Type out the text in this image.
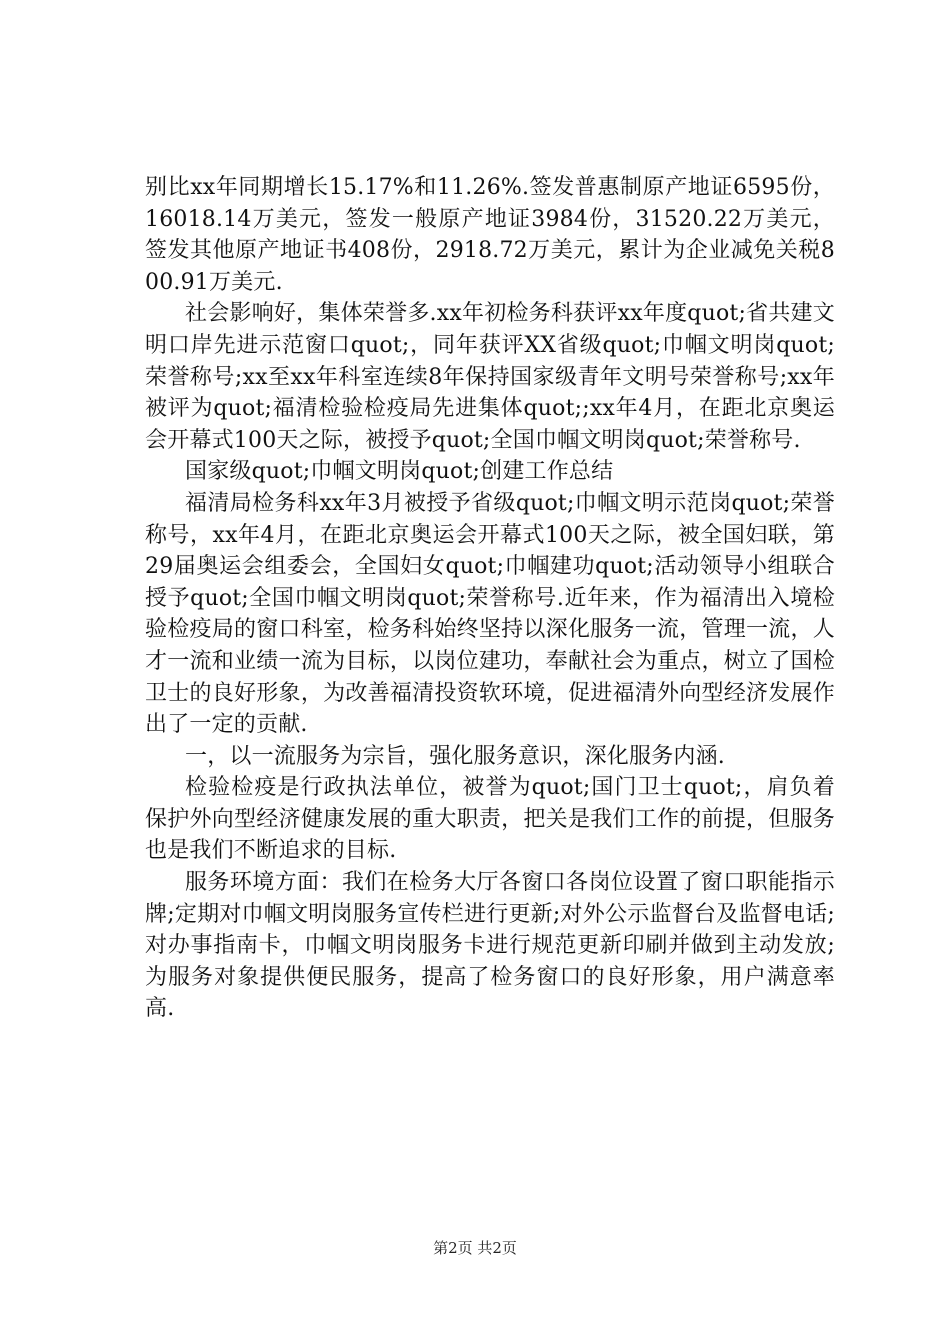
别比xx年同期增长15.17%和11.26%.签发普惠制原产地证6595份，16018.14万美元，签发一般原产地证3984份，31520.22万美元，签发其他原产地证书408份，2918.72万美元，累计为企业减免关税800.91万美元.

社会影响好，集体荣誉多.xx年初检务科获评xx年度quot;省共建文明口岸先进示范窗口quot;，同年获评XX省级quot;巾帼文明岗quot;荣誉称号;xx至xx年科室连续8年保持国家级青年文明号荣誉称号;xx年被评为quot;福清检验检疫局先进集体quot;;xx年4月，在距北京奥运会开幕式100天之际，被授予quot;全国巾帼文明岗quot;荣誉称号.

国家级quot;巾帼文明岗quot;创建工作总结

福清局检务科xx年3月被授予省级quot;巾帼文明示范岗quot;荣誉称号，xx年4月，在距北京奥运会开幕式100天之际，被全国妇联，第29届奥运会组委会，全国妇女quot;巾帼建功quot;活动领导小组联合授予quot;全国巾帼文明岗quot;荣誉称号.近年来，作为福清出入境检验检疫局的窗口科室，检务科始终坚持以深化服务一流，管理一流，人才一流和业绩一流为目标，以岗位建功，奉献社会为重点，树立了国检卫士的良好形象，为改善福清投资软环境，促进福清外向型经济发展作出了一定的贡献.

一，以一流服务为宗旨，强化服务意识，深化服务内涵.

检验检疫是行政执法单位，被誉为quot;国门卫士quot;，肩负着保护外向型经济健康发展的重大职责，把关是我们工作的前提，但服务也是我们不断追求的目标.

服务环境方面：我们在检务大厅各窗口各岗位设置了窗口职能指示牌;定期对巾帼文明岗服务宣传栏进行更新;对外公示监督台及监督电话;对办事指南卡，巾帼文明岗服务卡进行规范更新印刷并做到主动发放;为服务对象提供便民服务，提高了检务窗口的良好形象，用户满意率高.

第2页 共2页
